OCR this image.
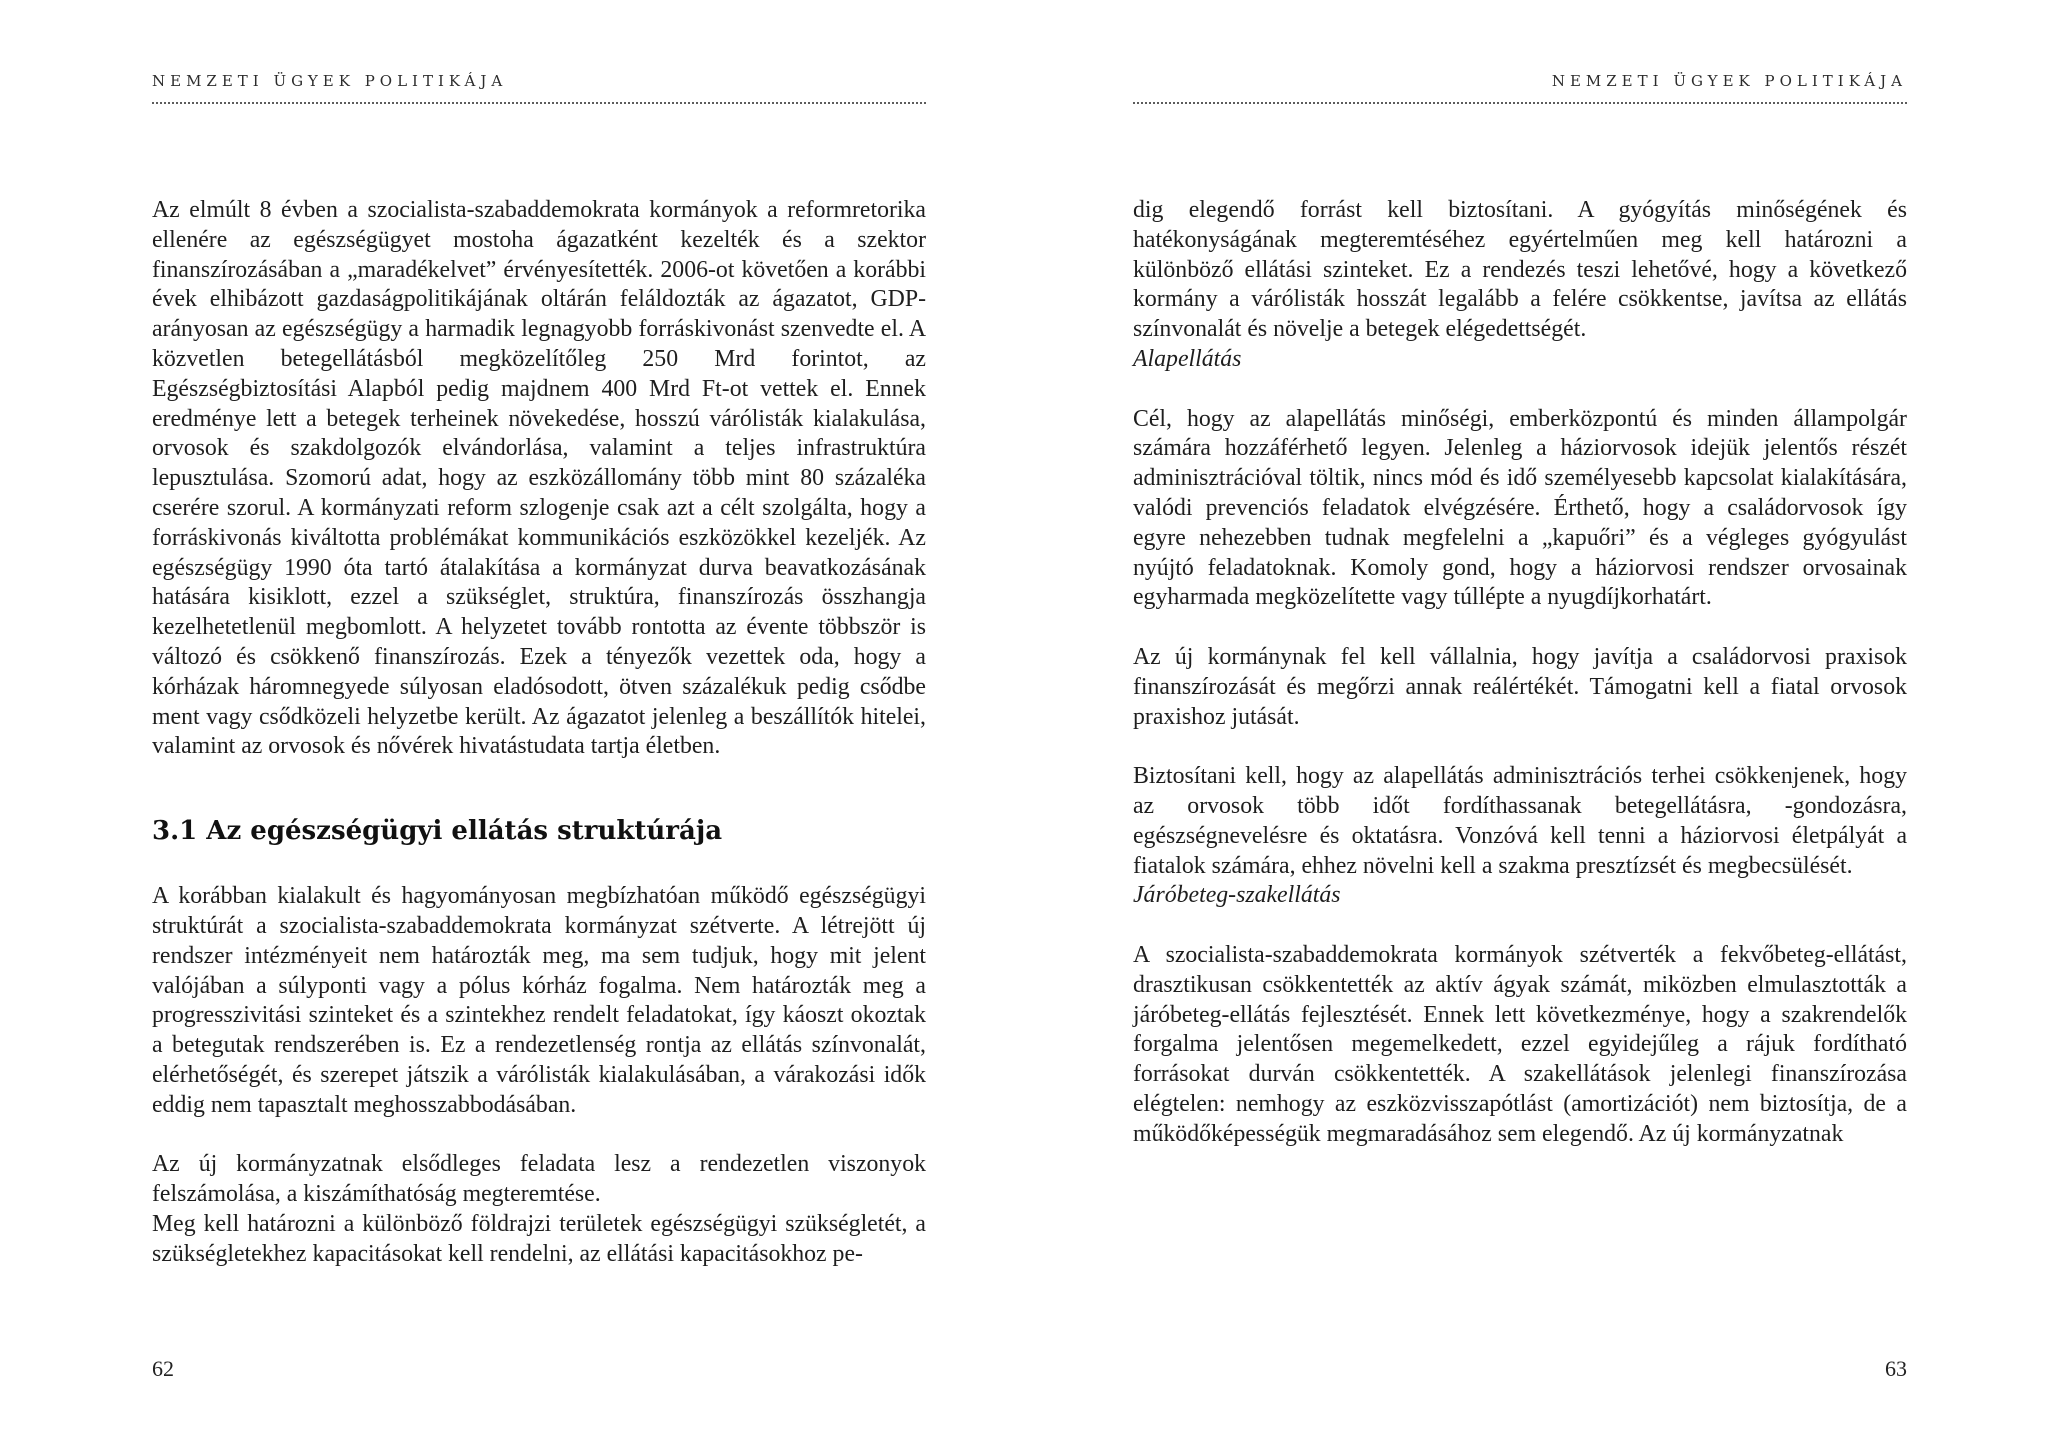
NEMZETI ÜGYEK POLITIKÁJA

Az elmúlt 8 évben a szocialista-szabaddemokrata kormányok a reformretorika ellenére az egészségügyet mostoha ágazatként kezelték és a szektor finanszírozásában a „maradékelvet” érvényesítették. 2006-ot követően a korábbi évek elhibázott gazdaságpolitikájának oltárán feláldozták az ágazatot, GDP-arányosan az egészségügy a harmadik legnagyobb forráskivonást szenvedte el. A közvetlen betegellátásból megközelítőleg 250 Mrd forintot, az Egészségbiztosítási Alapból pedig majdnem 400 Mrd Ft-ot vettek el. Ennek eredménye lett a betegek terheinek növekedése, hosszú várólisták kialakulása, orvosok és szakdolgozók elvándorlása, valamint a teljes infrastruktúra lepusztulása. Szomorú adat, hogy az eszközállomány több mint 80 százaléka cserére szorul. A kormányzati reform szlogenje csak azt a célt szolgálta, hogy a forráskivonás kiváltotta problémákat kommunikációs eszközökkel kezeljék. Az egészségügy 1990 óta tartó átalakítása a kormányzat durva beavatkozásának hatására kisiklott, ezzel a szükséglet, struktúra, finanszírozás összhangja kezelhetetlenül megbomlott. A helyzetet tovább rontotta az évente többször is változó és csökkenő finanszírozás. Ezek a tényezők vezettek oda, hogy a kórházak háromnegyede súlyosan eladósodott, ötven százalékuk pedig csődbe ment vagy csődközeli helyzetbe került. Az ágazatot jelenleg a beszállítók hitelei, valamint az orvosok és nővérek hivatástudata tartja életben.

3.1 Az egészségügyi ellátás struktúrája

A korábban kialakult és hagyományosan megbízhatóan működő egészségügyi struktúrát a szocialista-szabaddemokrata kormányzat szétverte. A létrejött új rendszer intézményeit nem határozták meg, ma sem tudjuk, hogy mit jelent valójában a súlyponti vagy a pólus kórház fogalma. Nem határozták meg a progresszivitási szinteket és a szintekhez rendelt feladatokat, így káoszt okoztak a betegutak rendszerében is. Ez a rendezetlenség rontja az ellátás színvonalát, elérhetőségét, és szerepet játszik a várólisták kialakulásában, a várakozási idők eddig nem tapasztalt meghosszabbodásában.

Az új kormányzatnak elsődleges feladata lesz a rendezetlen viszonyok felszámolása, a kiszámíthatóság megteremtése.

Meg kell határozni a különböző földrajzi területek egészségügyi szükségletét, a szükségletekhez kapacitásokat kell rendelni, az ellátási kapacitásokhoz pe-

62
NEMZETI ÜGYEK POLITIKÁJA

dig elegendő forrást kell biztosítani. A gyógyítás minőségének és hatékonyságának megteremtéséhez egyértelműen meg kell határozni a különböző ellátási szinteket. Ez a rendezés teszi lehetővé, hogy a következő kormány a várólisták hosszát legalább a felére csökkentse, javítsa az ellátás színvonalát és növelje a betegek elégedettségét.

Alapellátás

Cél, hogy az alapellátás minőségi, emberközpontú és minden állampolgár számára hozzáférhető legyen. Jelenleg a háziorvosok idejük jelentős részét adminisztrációval töltik, nincs mód és idő személyesebb kapcsolat kialakítására, valódi prevenciós feladatok elvégzésére. Érthető, hogy a családorvosok így egyre nehezebben tudnak megfelelni a „kapuőri” és a végleges gyógyulást nyújtó feladatoknak. Komoly gond, hogy a háziorvosi rendszer orvosainak egyharmada megközelítette vagy túllépte a nyugdíjkorhatárt.

Az új kormánynak fel kell vállalnia, hogy javítja a családorvosi praxisok finanszírozását és megőrzi annak reálértékét. Támogatni kell a fiatal orvosok praxishoz jutását.

Biztosítani kell, hogy az alapellátás adminisztrációs terhei csökkenjenek, hogy az orvosok több időt fordíthassanak betegellátásra, -gondozásra, egészségnevelésre és oktatásra. Vonzóvá kell tenni a háziorvosi életpályát a fiatalok számára, ehhez növelni kell a szakma presztízsét és megbecsülését.

Járóbeteg-szakellátás

A szocialista-szabaddemokrata kormányok szétverték a fekvőbeteg-ellátást, drasztikusan csökkentették az aktív ágyak számát, miközben elmulasztották a járóbeteg-ellátás fejlesztését. Ennek lett következménye, hogy a szakrendelők forgalma jelentősen megemelkedett, ezzel egyidejűleg a rájuk fordítható forrásokat durván csökkentették. A szakellátások jelenlegi finanszírozása elégtelen: nemhogy az eszközvisszapótlást (amortizációt) nem biztosítja, de a működőképességük megmaradásához sem elegendő. Az új kormányzatnak

63
